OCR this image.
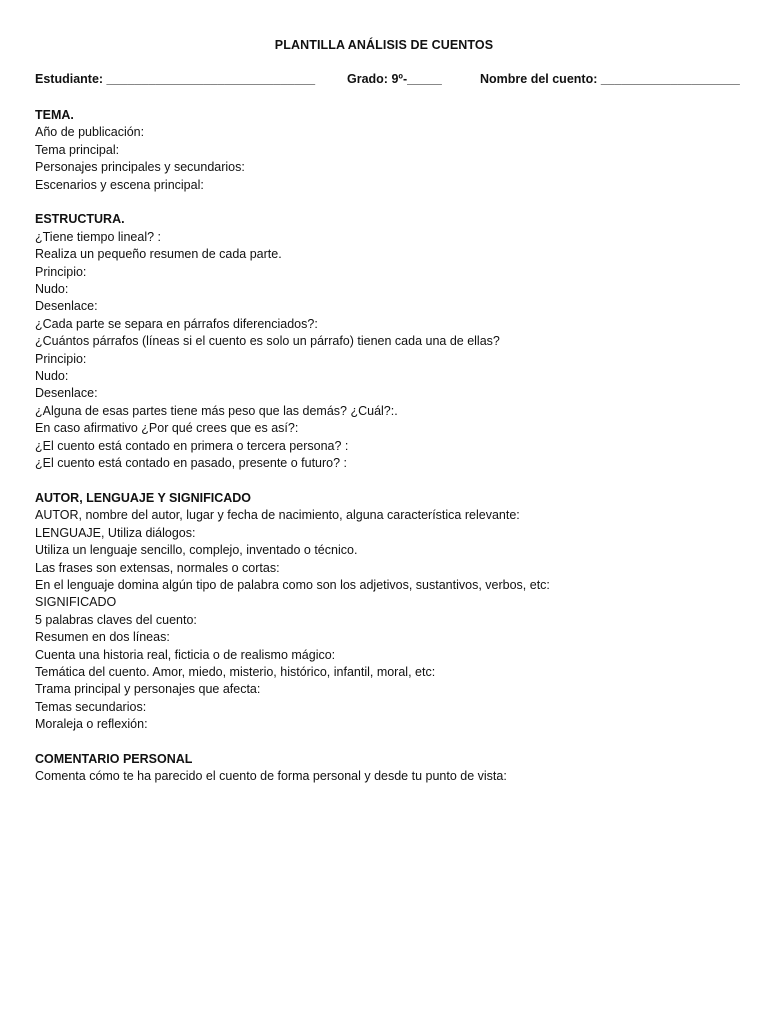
PLANTILLA ANÁLISIS DE CUENTOS
Estudiante: ______________________________	Grado: 9º-_____	Nombre del cuento: ____________________
TEMA.
Año de publicación:
Tema principal:
Personajes principales y secundarios:
Escenarios y escena principal:
ESTRUCTURA.
¿Tiene tiempo lineal? :
Realiza un pequeño resumen de cada parte.
Principio:
Nudo:
Desenlace:
¿Cada parte se separa en párrafos diferenciados?:
¿Cuántos párrafos (líneas si el cuento es solo un párrafo) tienen cada una de ellas?
Principio:
Nudo:
Desenlace:
¿Alguna de esas partes tiene más peso que las demás? ¿Cuál?:.
En caso afirmativo ¿Por qué crees que es así?:
¿El cuento está contado en primera o tercera persona? :
¿El cuento está contado en pasado, presente o futuro? :
AUTOR, LENGUAJE Y SIGNIFICADO
AUTOR, nombre del autor, lugar y fecha de nacimiento, alguna característica relevante:
LENGUAJE, Utiliza diálogos:
Utiliza un lenguaje sencillo, complejo, inventado o técnico.
Las frases son extensas, normales o cortas:
En el lenguaje domina algún tipo de palabra como son los adjetivos, sustantivos, verbos, etc:
SIGNIFICADO
5 palabras claves del cuento:
Resumen en dos líneas:
Cuenta una historia real, ficticia o de realismo mágico:
Temática del cuento. Amor, miedo, misterio, histórico, infantil, moral, etc:
Trama principal y personajes que afecta:
Temas secundarios:
Moraleja o reflexión:
COMENTARIO PERSONAL
Comenta cómo te ha parecido el cuento de forma personal y desde tu punto de vista:
